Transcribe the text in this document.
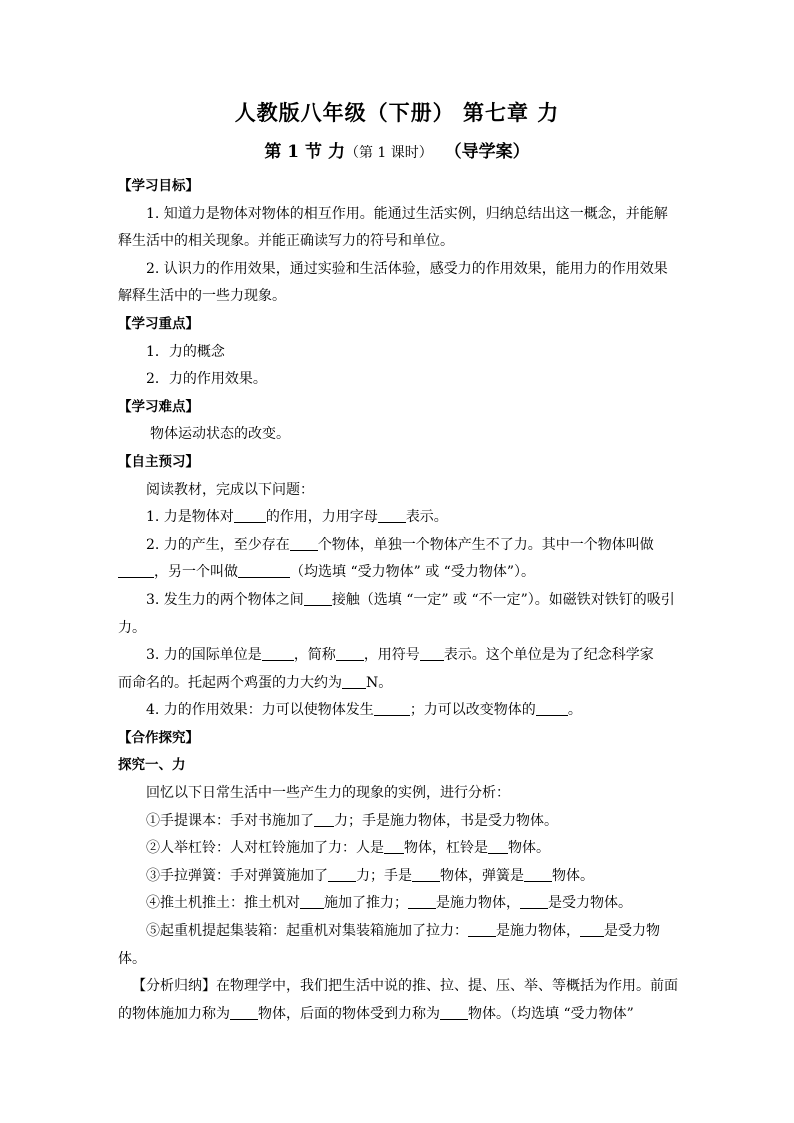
人教版八年级（下册） 第七章 力
第 1 节 力（第 1 课时） （导学案）

【学习目标】

1. 知道力是物体对物体的相互作用。能通过生活实例，归纳总结出这一概念，并能解释生活中的相关现象。并能正确读写力的符号和单位。

2. 认识力的作用效果，通过实验和生活体验，感受力的作用效果，能用力的作用效果解释生活中的一些力现象。

【学习重点】

1．力的概念

2．力的作用效果。

【学习难点】

物体运动状态的改变。

【自主预习】

阅读教材，完成以下问题：

1. 力是物体对 的作用，力用字母 表示。

2. 力的产生，至少存在 个物体，单独一个物体产生不了力。其中一个物体叫做，另一个叫做	（均选填 “受力物体” 或 “受力物体”）。

3. 发生力的两个物体之间 接触（选填 “一定” 或 “不一定”）。如磁铁对铁钉的吸引力。

3. 力的国际单位是 ，简称 ，用符号 表示。这个单位是为了纪念科学家
而命名的。托起两个鸡蛋的力大约为 N。

4. 力的作用效果：力可以使物体发生	；力可以改变物体的 。

【合作探究】

探究一、力

回忆以下日常生活中一些产生力的现象的实例，进行分析：

①手提课本：手对书施加了 力；手是施力物体，书是受力物体。

②人举杠铃：人对杠铃施加了力：人是 物体，杠铃是 物体。

③手拉弹簧：手对弹簧施加了 力；手是 物体，弹簧是 物体。

④推土机推土：推土机对 施加了推力； 是施力物体， 是受力物体。

⑤起重机提起集装箱：起重机对集装箱施加了拉力： 是施力物体， 是受力物体。

【分析归纳】在物理学中，我们把生活中说的推、拉、提、压、举、等概括为作用。前面的物体施加力称为 物体，后面的物体受到力称为 物体。（均选填 “受力物体”
